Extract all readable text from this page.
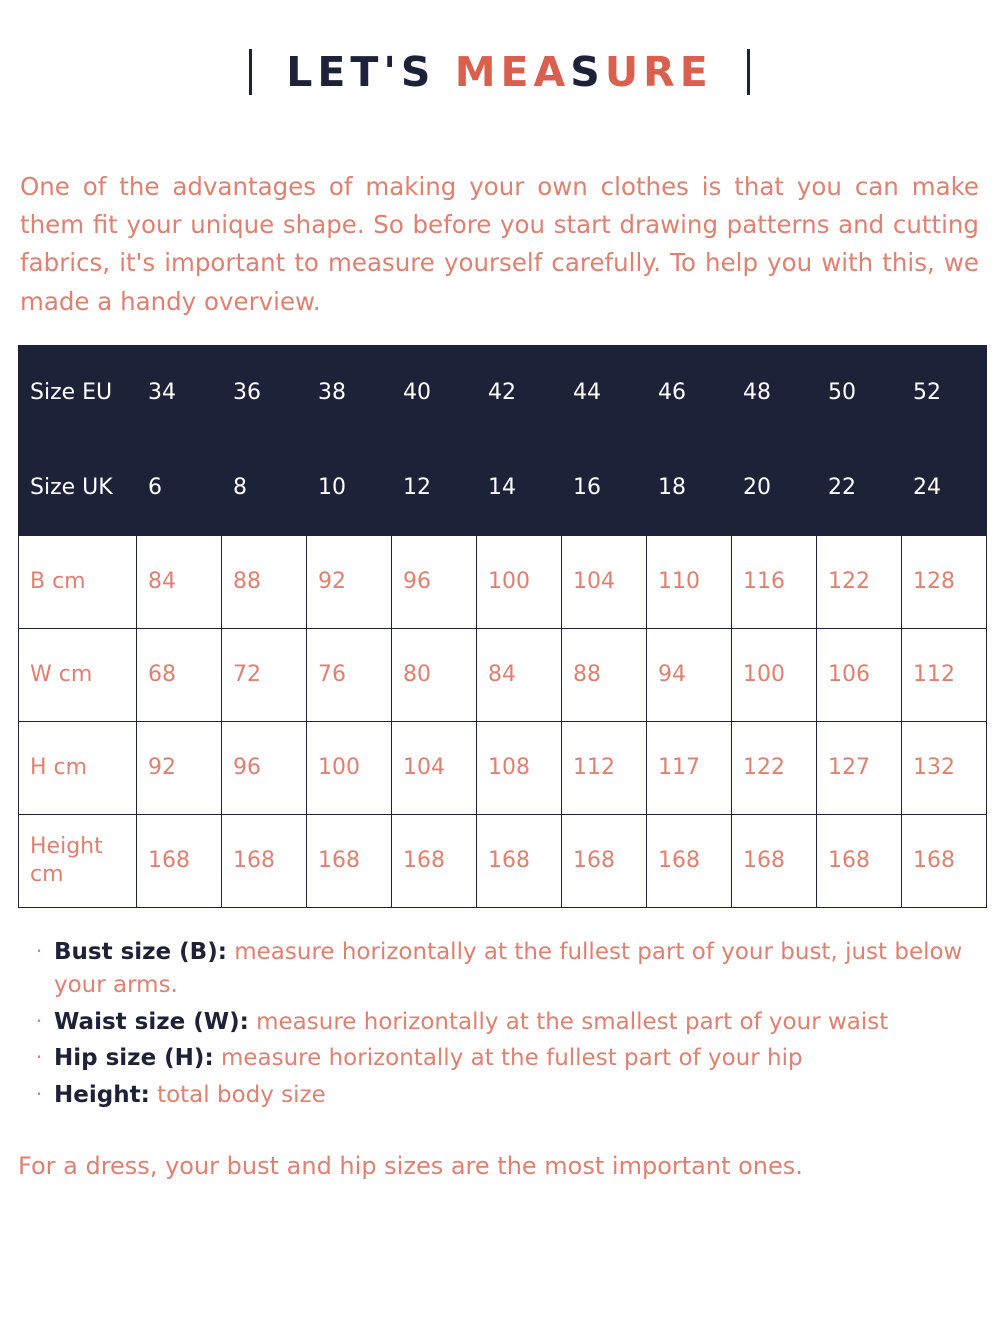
LET'S MEASURE

One of the advantages of making your own clothes is that you can make them fit your unique shape. So before you start drawing patterns and cutting fabrics, it's important to measure yourself carefully. To help you with this, we made a handy overview.

Size EU	34	36	38	40	42	44	46	48	50	52
Size UK	6	8	10	12	14	16	18	20	22	24
B cm	84	88	92	96	100	104	110	116	122	128
W cm	68	72	76	80	84	88	94	100	106	112
H cm	92	96	100	104	108	112	117	122	127	132
Height cm	168	168	168	168	168	168	168	168	168	168
· Bust size (B): measure horizontally at the fullest part of your bust, just below your arms.
· Waist size (W): measure horizontally at the smallest part of your waist
· Hip size (H): measure horizontally at the fullest part of your hip
· Height: total body size
For a dress, your bust and hip sizes are the most important ones.
